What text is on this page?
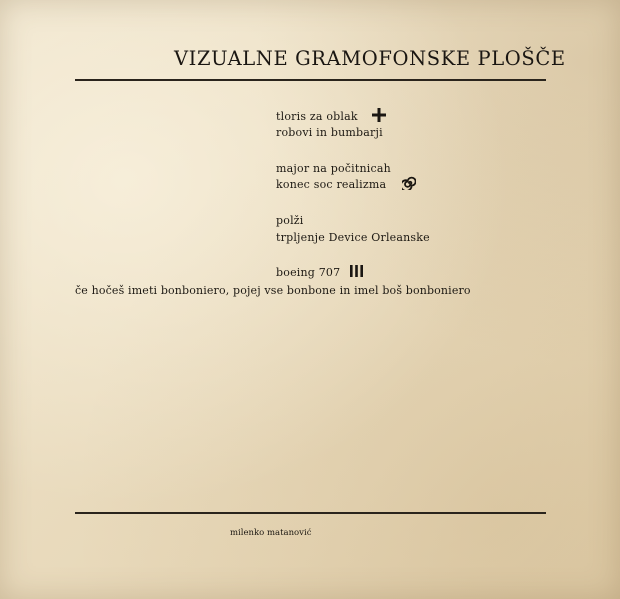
VIZUALNE GRAMOFONSKE PLOŠČE
tloris za oblak
robovi in bumbarji
major na počitnicah
konec soc realizma
polži
trpljenje Device Orleanske
boeing 707
če hočeš imeti bonboniero, pojej vse bonbone in imel boš bonboniero
milenko matanović
